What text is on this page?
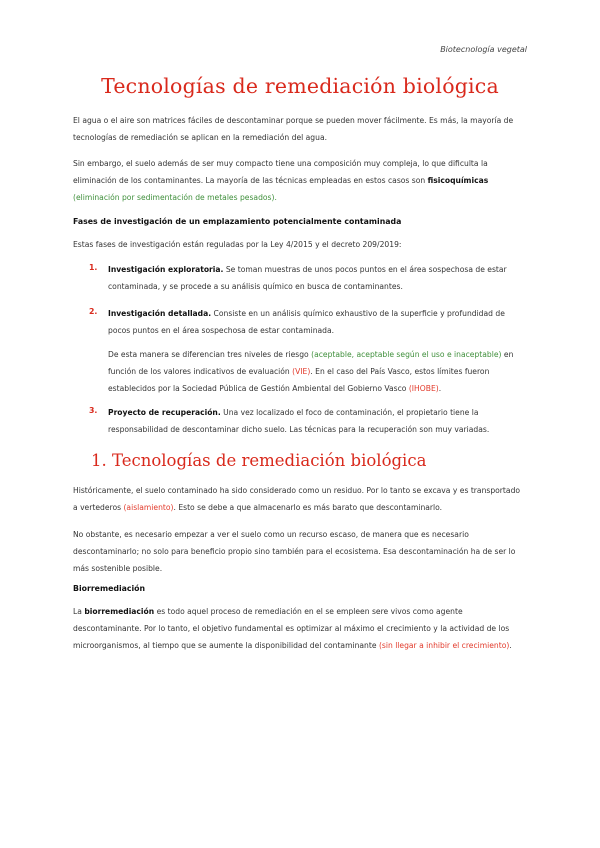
Biotecnología vegetal
Tecnologías de remediación biológica
El agua o el aire son matrices fáciles de descontaminar porque se pueden mover fácilmente. Es más, la mayoría de tecnologías de remediación se aplican en la remediación del agua.
Sin embargo, el suelo además de ser muy compacto tiene una composición muy compleja, lo que dificulta la eliminación de los contaminantes. La mayoría de las técnicas empleadas en estos casos son fisicoquímicas
(eliminación por sedimentación de metales pesados).
Fases de investigación de un emplazamiento potencialmente contaminada
Estas fases de investigación están reguladas por la Ley 4/2015 y el decreto 209/2019:
1. Investigación exploratoria. Se toman muestras de unos pocos puntos en el área sospechosa de estar contaminada, y se procede a su análisis químico en busca de contaminantes.
2. Investigación detallada. Consiste en un análisis químico exhaustivo de la superficie y profundidad de pocos puntos en el área sospechosa de estar contaminada.
De esta manera se diferencian tres niveles de riesgo (aceptable, aceptable según el uso e inaceptable) en función de los valores indicativos de evaluación (VIE). En el caso del País Vasco, estos límites fueron establecidos por la Sociedad Pública de Gestión Ambiental del Gobierno Vasco (IHOBE).
3. Proyecto de recuperación. Una vez localizado el foco de contaminación, el propietario tiene la responsabilidad de descontaminar dicho suelo. Las técnicas para la recuperación son muy variadas.
1. Tecnologías de remediación biológica
Históricamente, el suelo contaminado ha sido considerado como un residuo. Por lo tanto se excava y es transportado a vertederos (aislamiento). Esto se debe a que almacenarlo es más barato que descontaminarlo.
No obstante, es necesario empezar a ver el suelo como un recurso escaso, de manera que es necesario descontaminarlo; no solo para beneficio propio sino también para el ecosistema. Esa descontaminación ha de ser lo más sostenible posible.
Biorremediación
La biorremediación es todo aquel proceso de remediación en el se empleen sere vivos como agente descontaminante. Por lo tanto, el objetivo fundamental es optimizar al máximo el crecimiento y la actividad de los microorganismos, al tiempo que se aumente la disponibilidad del contaminante (sin llegar a inhibir el crecimiento).
